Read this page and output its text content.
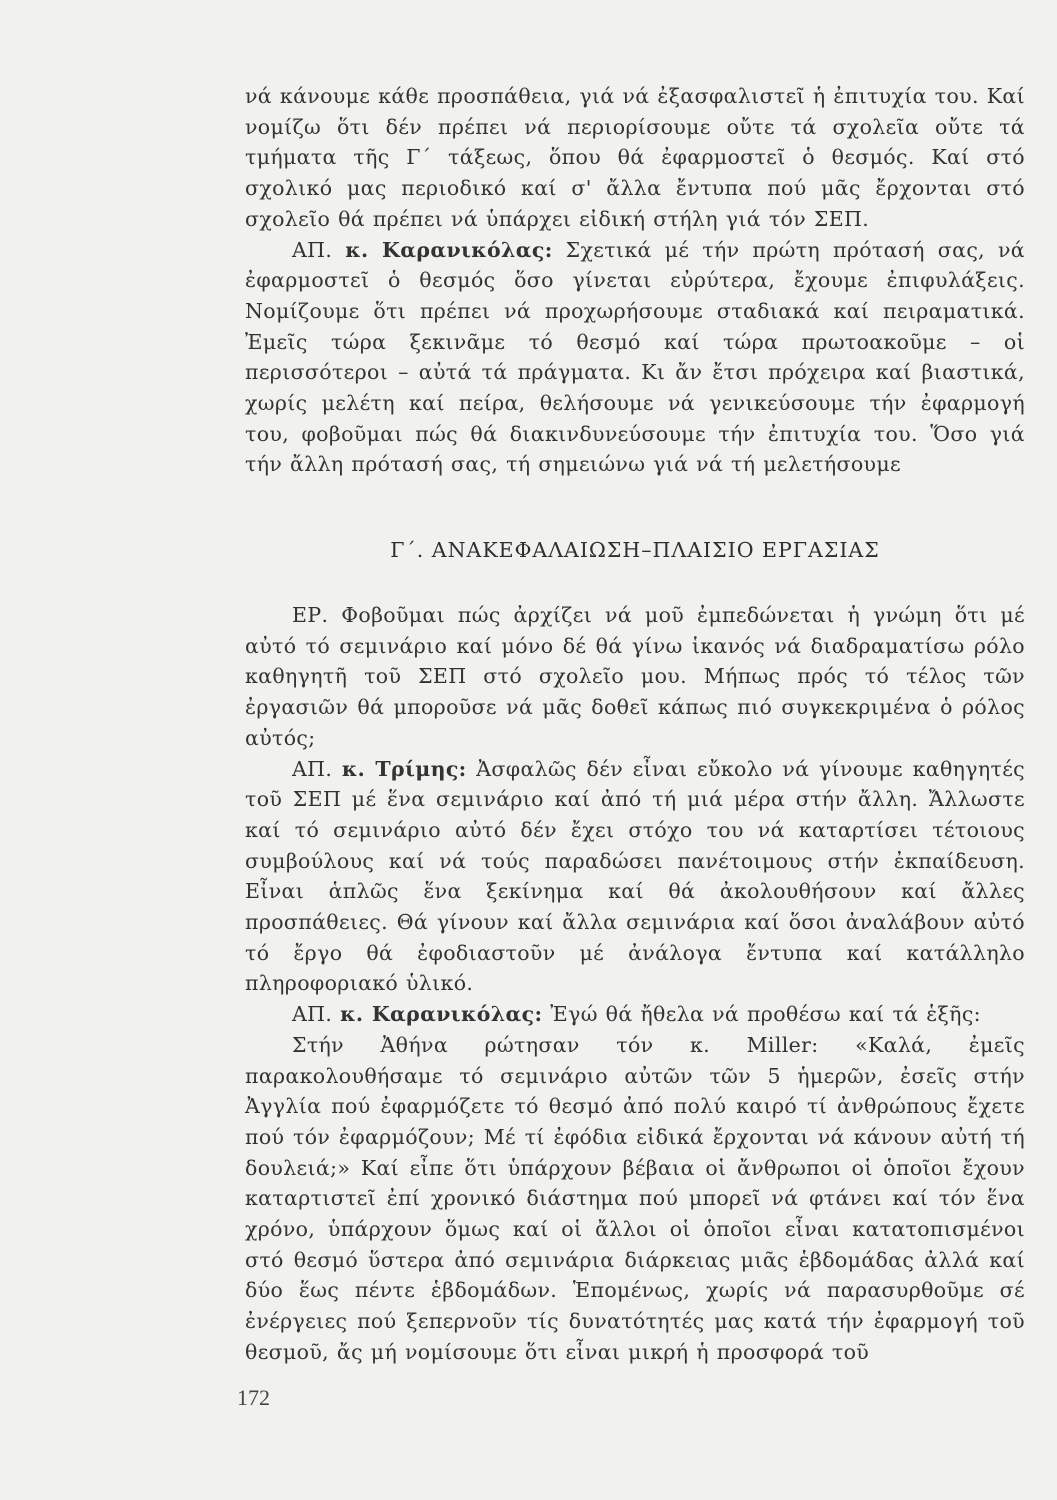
νά κάνουμε κάθε προσπάθεια, γιά νά ἐξασφαλιστεῖ ἡ ἐπιτυχία του. Καί νομίζω ὅτι δέν πρέπει νά περιορίσουμε οὔτε τά σχολεῖα οὔτε τά τμήματα τῆς Γ΄ τάξεως, ὅπου θά ἐφαρμοστεῖ ὁ θεσμός. Καί στό σχολικό μας περιοδικό καί σ' ἄλλα ἔντυπα πού μᾶς ἔρχονται στό σχολεῖο θά πρέπει νά ὑπάρχει εἰδική στήλη γιά τόν ΣΕΠ.

ΑΠ. κ. Καρανικόλας: Σχετικά μέ τήν πρώτη πρότασή σας, νά ἐφαρμοστεῖ ὁ θεσμός ὅσο γίνεται εὐρύτερα, ἔχουμε ἐπιφυλάξεις. Νομίζουμε ὅτι πρέπει νά προχωρήσουμε σταδιακά καί πειραματικά. Ἐμεῖς τώρα ξεκινᾶμε τό θεσμό καί τώρα πρωτοακοῦμε – οἱ περισσότεροι – αὐτά τά πράγματα. Κι ἄν ἔτσι πρόχειρα καί βιαστικά, χωρίς μελέτη καί πείρα, θελήσουμε νά γενικεύσουμε τήν ἐφαρμογή του, φοβοῦμαι πώς θά διακινδυνεύσουμε τήν ἐπιτυχία του. Ὅσο γιά τήν ἄλλη πρότασή σας, τή σημειώνω γιά νά τή μελετήσουμε

Γ΄. ΑΝΑΚΕΦΑΛΑΙΩΣΗ–ΠΛΑΙΣΙΟ ΕΡΓΑΣΙΑΣ

ΕΡ. Φοβοῦμαι πώς ἀρχίζει νά μοῦ ἐμπεδώνεται ἡ γνώμη ὅτι μέ αὐτό τό σεμινάριο καί μόνο δέ θά γίνω ἱκανός νά διαδραματίσω ρόλο καθηγητῆ τοῦ ΣΕΠ στό σχολεῖο μου. Μήπως πρός τό τέλος τῶν ἐργασιῶν θά μποροῦσε νά μᾶς δοθεῖ κάπως πιό συγκεκριμένα ὁ ρόλος αὐτός;

ΑΠ. κ. Τρίμης: Ἀσφαλῶς δέν εἶναι εὔκολο νά γίνουμε καθηγητές τοῦ ΣΕΠ μέ ἕνα σεμινάριο καί ἀπό τή μιά μέρα στήν ἄλλη. Ἄλλωστε καί τό σεμινάριο αὐτό δέν ἔχει στόχο του νά καταρτίσει τέτοιους συμβούλους καί νά τούς παραδώσει πανέτοιμους στήν ἐκπαίδευση. Εἶναι ἁπλῶς ἕνα ξεκίνημα καί θά ἀκολουθήσουν καί ἄλλες προσπάθειες. Θά γίνουν καί ἄλλα σεμινάρια καί ὅσοι ἀναλάβουν αὐτό τό ἔργο θά ἐφοδιαστοῦν μέ ἀνάλογα ἔντυπα καί κατάλληλο πληροφοριακό ὑλικό.

ΑΠ. κ. Καρανικόλας: Ἐγώ θά ἤθελα νά προθέσω καί τά ἑξῆς:

Στήν Ἀθήνα ρώτησαν τόν κ. Miller: «Καλά, ἐμεῖς παρακολουθήσαμε τό σεμινάριο αὐτῶν τῶν 5 ἡμερῶν, ἐσεῖς στήν Ἀγγλία πού ἐφαρμόζετε τό θεσμό ἀπό πολύ καιρό τί ἀνθρώπους ἔχετε πού τόν ἐφαρμόζουν; Μέ τί ἐφόδια εἰδικά ἔρχονται νά κάνουν αὐτή τή δουλειά;» Καί εἶπε ὅτι ὑπάρχουν βέβαια οἱ ἄνθρωποι οἱ ὁποῖοι ἔχουν καταρτιστεῖ ἐπί χρονικό διάστημα πού μπορεῖ νά φτάνει καί τόν ἕνα χρόνο, ὑπάρχουν ὅμως καί οἱ ἄλλοι οἱ ὁποῖοι εἶναι κατατοπισμένοι στό θεσμό ὕστερα ἀπό σεμινάρια διάρκειας μιᾶς ἑβδομάδας ἀλλά καί δύο ἕως πέντε ἑβδομάδων. Ἑπομένως, χωρίς νά παρασυρθοῦμε σέ ἐνέργειες πού ξεπερνοῦν τίς δυνατότητές μας κατά τήν ἐφαρμογή τοῦ θεσμοῦ, ἄς μή νομίσουμε ὅτι εἶναι μικρή ἡ προσφορά τοῦ

172
